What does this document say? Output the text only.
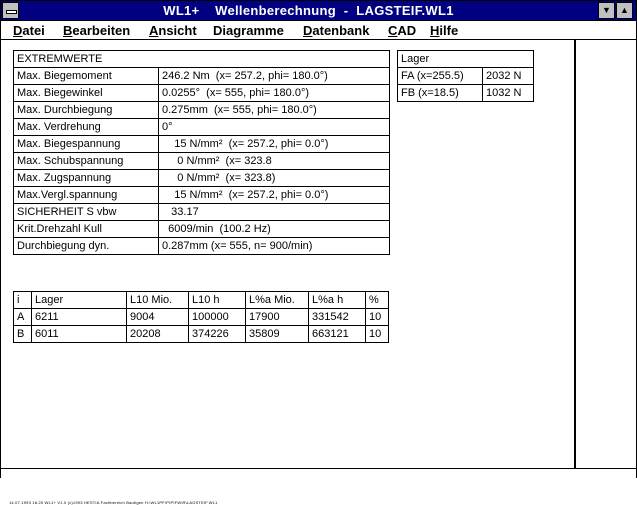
WL1+    Wellenberechnung  -  LAGSTEIF.WL1	▼	▲
Datei Bearbeiten Ansicht Diagramme Datenbank CAD Hilfe
EXTREMWERTE	
Max. Biegemoment	246.2 Nm  (x= 257.2, phi= 180.0°)
Max. Biegewinkel	0.0255°  (x= 555, phi= 180.0°)
Max. Durchbiegung	0.275mm  (x= 555, phi= 180.0°)
Max. Verdrehung	0°
Max. Biegespannung	15 N/mm²  (x= 257.2, phi= 0.0°)
Max. Schubspannung	0 N/mm²  (x= 323.8
Max. Zugspannung	0 N/mm²  (x= 323.8)
Max.Vergl.spannung	15 N/mm²  (x= 257.2, phi= 0.0°)
SICHERHEIT S vbw	33.17
Krit.Drehzahl Kull	6009/min  (100.2 Hz)
Durchbiegung dyn.	0.287mm (x= 555, n= 900/min)
Lager	
FA (x=255.5)	2032 N
FB (x=18.5)	1032 N
i	Lager	L10 Mio.	L10 h	L%a Mio.	L%a h	%
A	6211	9004	100000	17900	331542	10
B	6011	20208	374226	35809	663121	10
14.07.1993 16:20 WL1+ V1.0 (c)1993 HESTIA Fachbereich Bautigen H:\WL1PF\PIP\FW\R\LAGSTEIF.WL1
